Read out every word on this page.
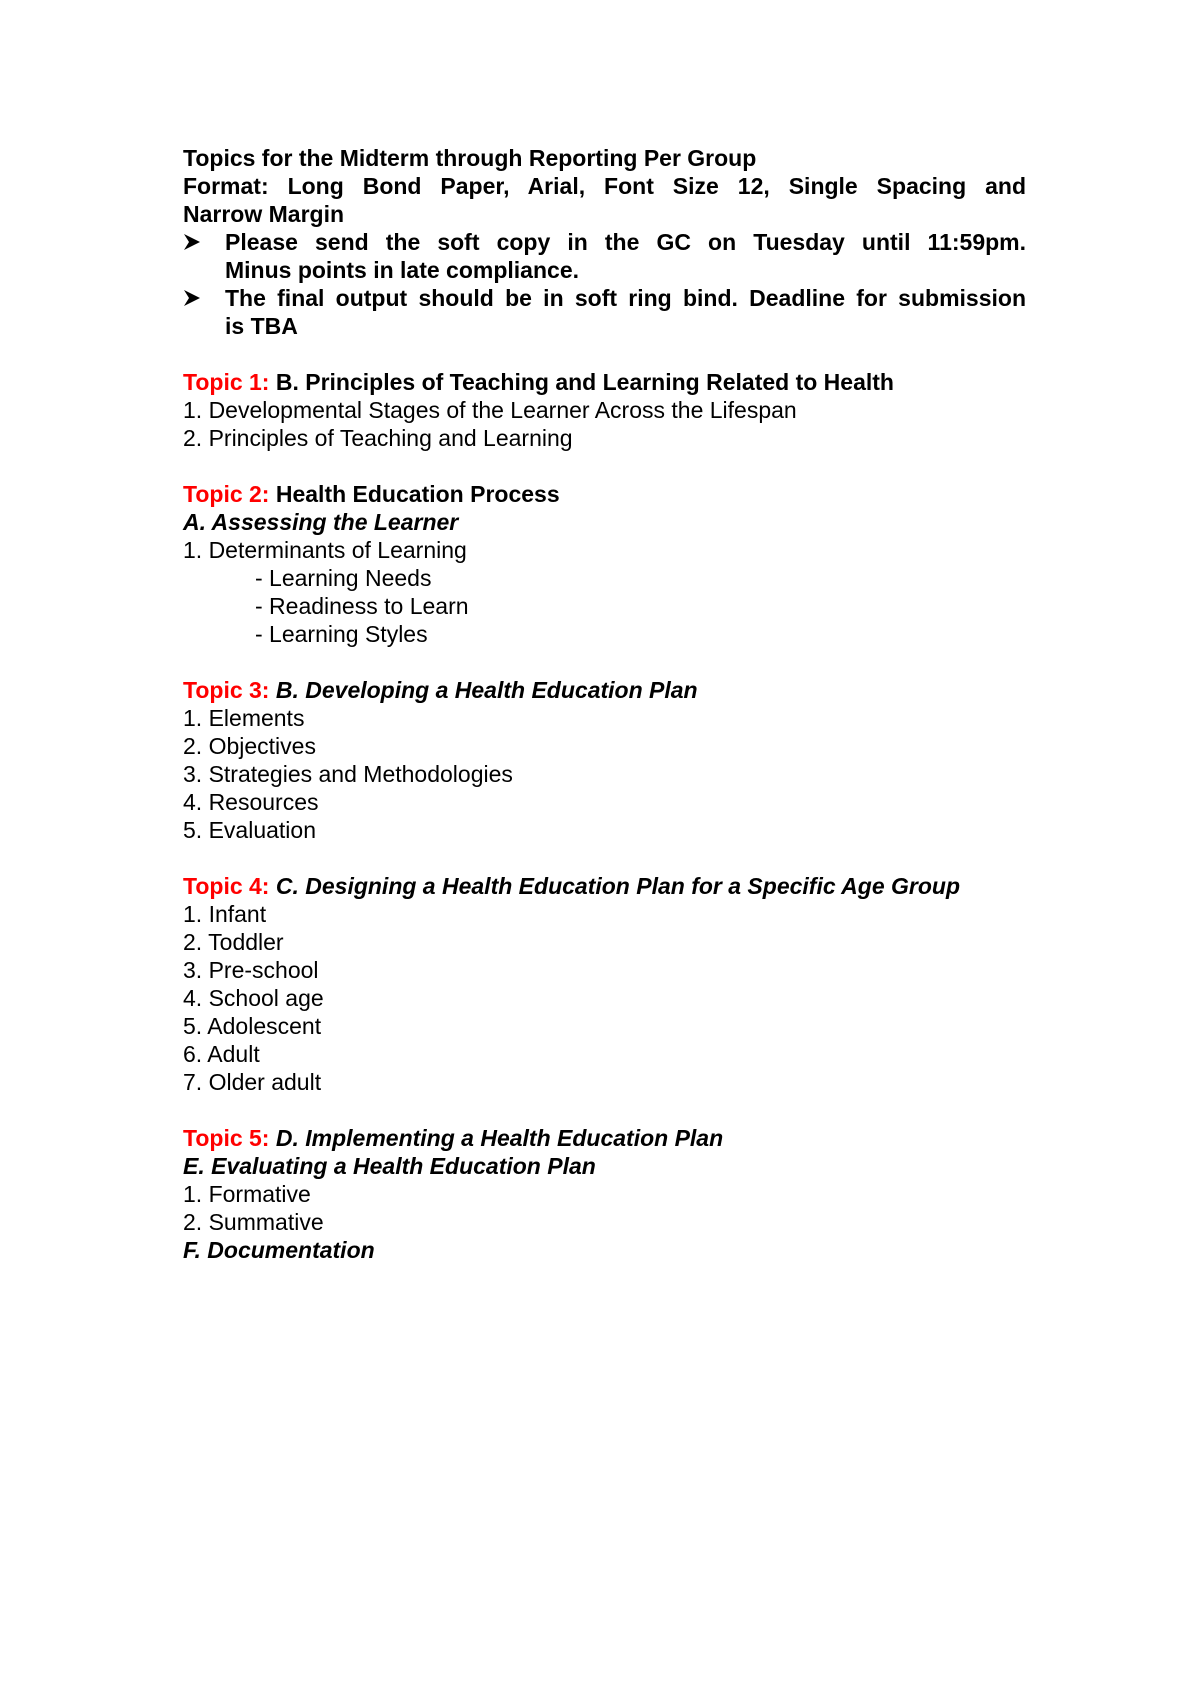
Topics for the Midterm through Reporting Per Group
Format: Long Bond Paper, Arial, Font Size 12, Single Spacing and
Narrow Margin
Please send the soft copy in the GC on Tuesday until 11:59pm.
Minus points in late compliance.
The final output should be in soft ring bind. Deadline for submission
is TBA
Topic 1: B. Principles of Teaching and Learning Related to Health
1. Developmental Stages of the Learner Across the Lifespan
2. Principles of Teaching and Learning
Topic 2: Health Education Process
A. Assessing the Learner
1. Determinants of Learning
- Learning Needs
- Readiness to Learn
- Learning Styles
Topic 3: B. Developing a Health Education Plan
1. Elements
2. Objectives
3. Strategies and Methodologies
4. Resources
5. Evaluation
Topic 4: C. Designing a Health Education Plan for a Specific Age Group
1. Infant
2. Toddler
3. Pre-school
4. School age
5. Adolescent
6. Adult
7. Older adult
Topic 5: D. Implementing a Health Education Plan
E. Evaluating a Health Education Plan
1. Formative
2. Summative
F. Documentation
